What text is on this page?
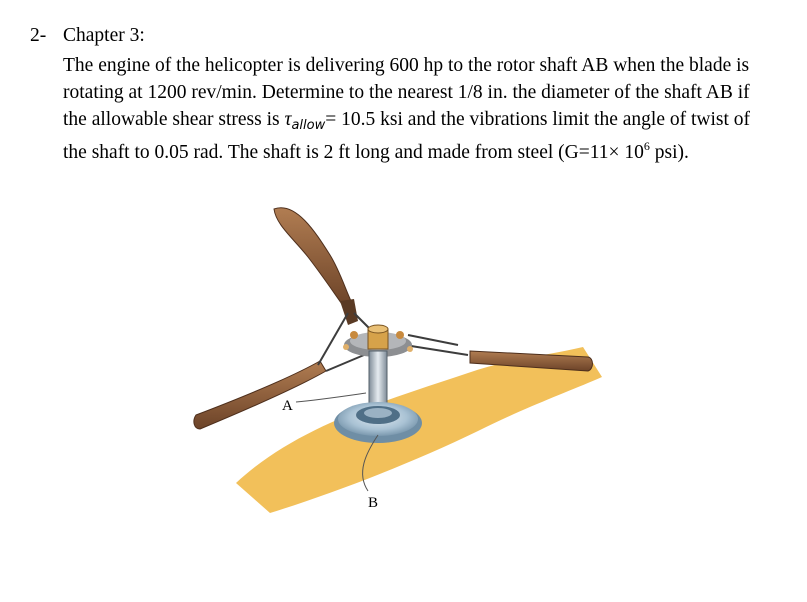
2- Chapter 3:
The engine of the helicopter is delivering 600 hp to the rotor shaft AB when the blade is rotating at 1200 rev/min. Determine to the nearest 1/8 in. the diameter of the shaft AB if the allowable shear stress is $\tau_{allow}= 10.5$ ksi and the vibrations limit the angle of twist of the shaft to 0.05 rad. The shaft is 2 ft long and made from steel ($G=11\times 10^6$ psi).
A
B
